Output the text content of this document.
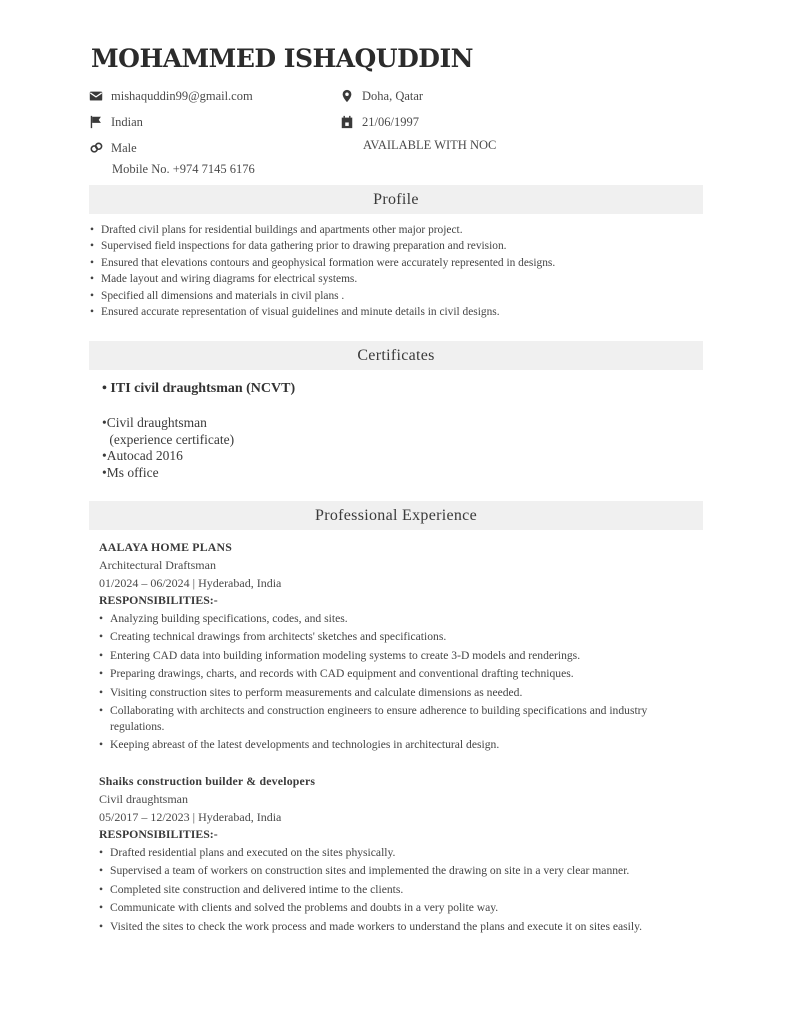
MOHAMMED ISHAQUDDIN
mishaquddin99@gmail.com	Doha, Qatar
Indian	21/06/1997
Male	AVAILABLE WITH NOC
Mobile No. +974 7145 6176
Profile
• Drafted civil plans for residential buildings and apartments other major project.
• Supervised field inspections for data gathering prior to drawing preparation and revision.
• Ensured that elevations contours and geophysical formation were accurately represented in designs.
• Made layout and wiring diagrams for electrical systems.
• Specified all dimensions and materials in civil plans .
• Ensured accurate representation of visual guidelines and minute details in civil designs.
Certificates
• ITI civil draughtsman (NCVT)
•Civil draughtsman
(experience certificate)
•Autocad 2016
•Ms office
Professional Experience
AALAYA HOME PLANS
Architectural Draftsman
01/2024 – 06/2024 | Hyderabad, India
RESPONSIBILITIES:-
• Analyzing building specifications, codes, and sites.
• Creating technical drawings from architects' sketches and specifications.
• Entering CAD data into building information modeling systems to create 3-D models and renderings.
• Preparing drawings, charts, and records with CAD equipment and conventional drafting techniques.
• Visiting construction sites to perform measurements and calculate dimensions as needed.
• Collaborating with architects and construction engineers to ensure adherence to building specifications and industry regulations.
• Keeping abreast of the latest developments and technologies in architectural design.
Shaiks construction builder & developers
Civil draughtsman
05/2017 – 12/2023 | Hyderabad, India
RESPONSIBILITIES:-
• Drafted residential plans and executed on the sites physically.
• Supervised a team of workers on construction sites and implemented the drawing on site in a very clear manner.
• Completed site construction and delivered intime to the clients.
• Communicate with clients and solved the problems and doubts in a very polite way.
• Visited the sites to check the work process and made workers to understand the plans and execute it on sites easily.
